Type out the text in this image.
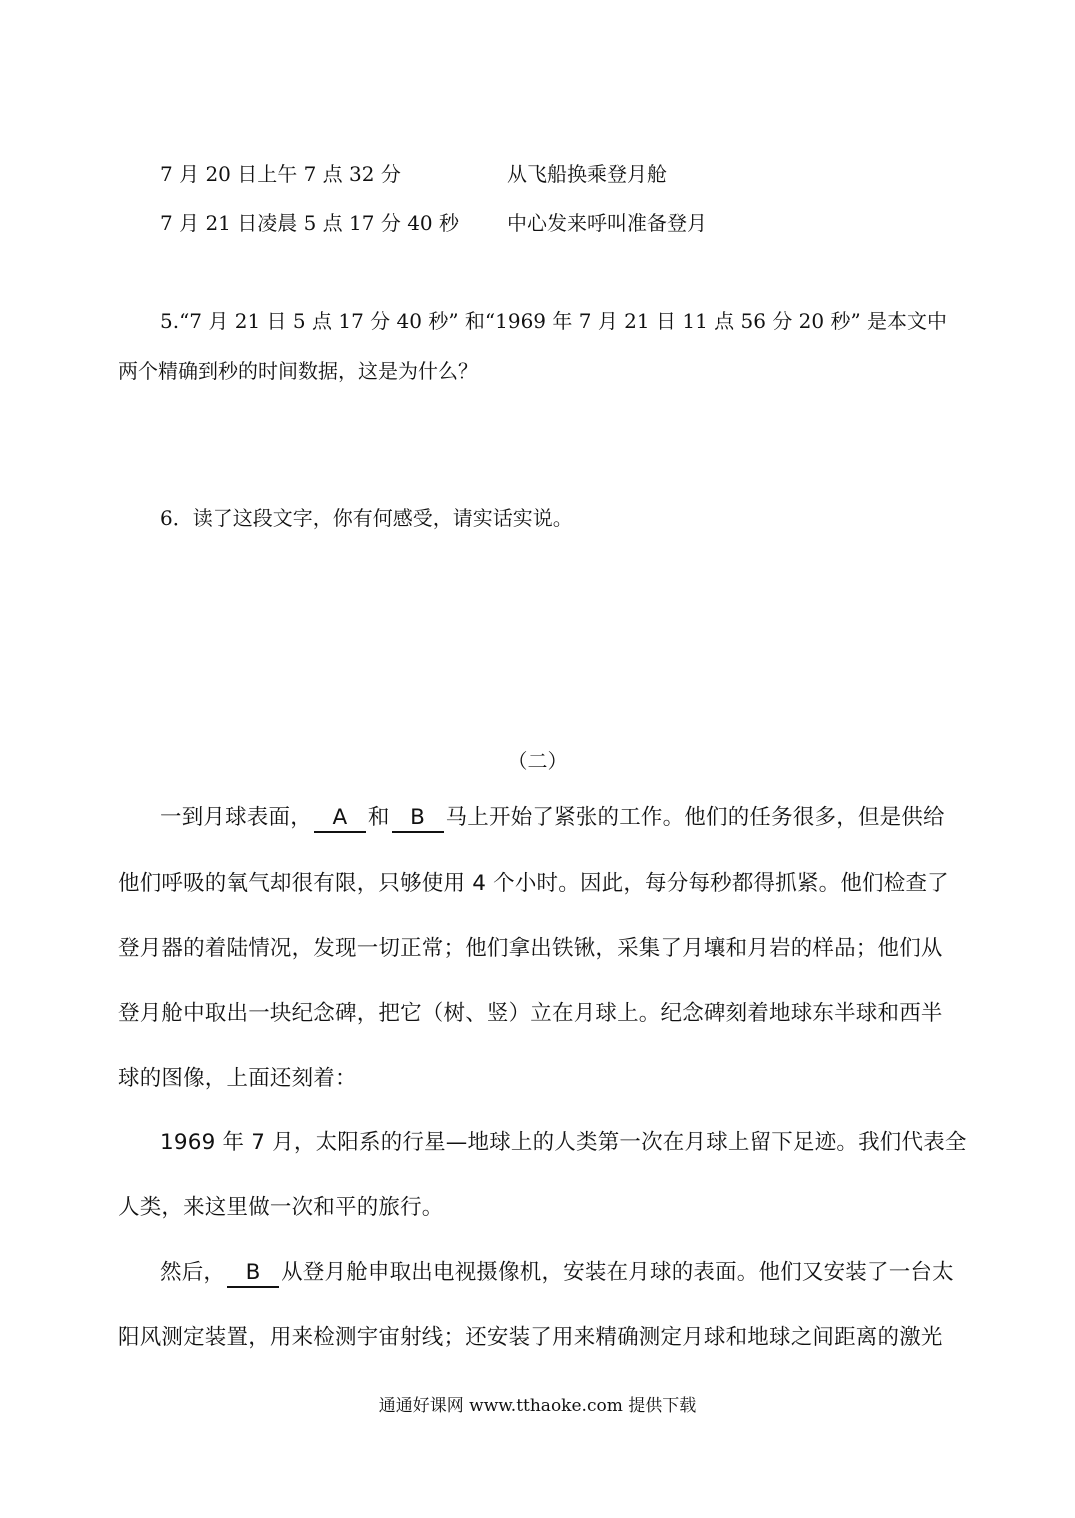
7 月 20 日上午 7 点 32 分	从飞船换乘登月舱
7 月 21 日凌晨 5 点 17 分 40 秒 中心发来呼叫准备登月
5.“7 月 21 日 5 点 17 分 40 秒” 和“1969 年 7 月 21 日 11 点 56 分 20 秒” 是本文中
两个精确到秒的时间数据，这是为什么？
6．读了这段文字，你有何感受，请实话实说。
（二）
一到月球表面， A 和 B 马上开始了紧张的工作。他们的任务很多，但是供给
他们呼吸的氧气却很有限，只够使用 4 个小时。因此，每分每秒都得抓紧。他们检查了
登月器的着陆情况，发现一切正常；他们拿出铁锹，采集了月壤和月岩的样品；他们从
登月舱中取出一块纪念碑，把它（树、竖）立在月球上。纪念碑刻着地球东半球和西半
球的图像，上面还刻着：
1969 年 7 月，太阳系的行星—地球上的人类第一次在月球上留下足迹。我们代表全
人类，来这里做一次和平的旅行。
然后， B 从登月舱申取出电视摄像机，安装在月球的表面。他们又安装了一台太
阳风测定装置，用来检测宇宙射线；还安装了用来精确测定月球和地球之间距离的激光
通通好课网 www.tthaoke.com 提供下载
